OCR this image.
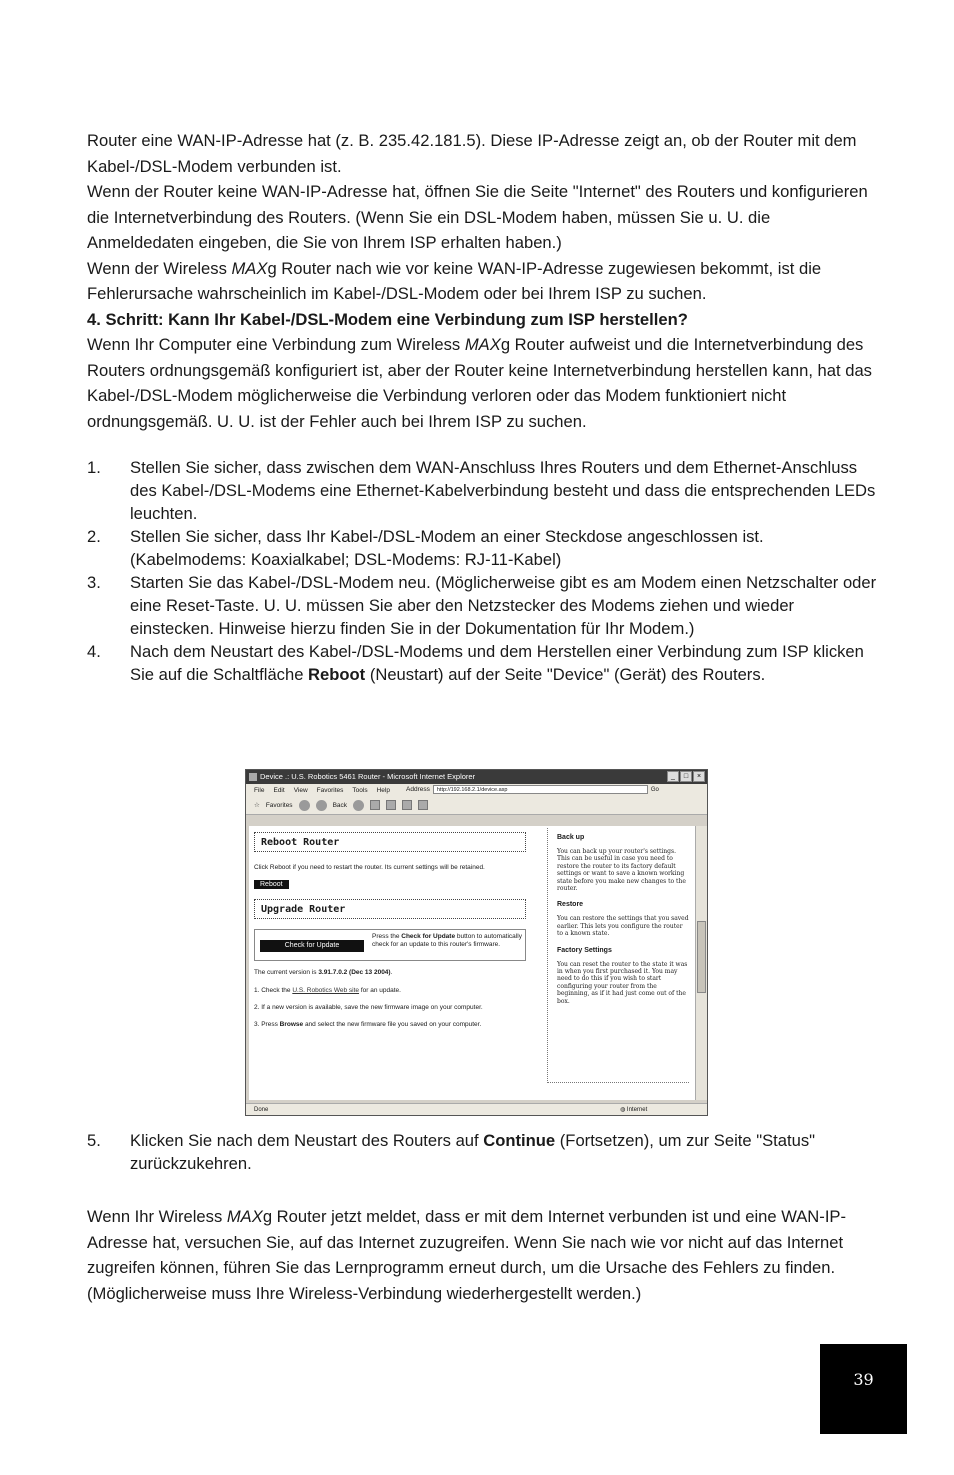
Router eine WAN-IP-Adresse hat (z. B. 235.42.181.5). Diese IP-Adresse zeigt an, ob der Router mit dem Kabel-/DSL-Modem verbunden ist.

Wenn der Router keine WAN-IP-Adresse hat, öffnen Sie die Seite "Internet" des Routers und konfigurieren die Internetverbindung des Routers. (Wenn Sie ein DSL-Modem haben, müssen Sie u. U. die Anmeldedaten eingeben, die Sie von Ihrem ISP erhalten haben.)

Wenn der Wireless MAXg Router nach wie vor keine WAN-IP-Adresse zugewiesen bekommt, ist die Fehlerursache wahrscheinlich im Kabel-/DSL-Modem oder bei Ihrem ISP zu suchen.

4. Schritt: Kann Ihr Kabel-/DSL-Modem eine Verbindung zum ISP herstellen?

Wenn Ihr Computer eine Verbindung zum Wireless MAXg Router aufweist und die Internetverbindung des Routers ordnungsgemäß konfiguriert ist, aber der Router keine Internetverbindung herstellen kann, hat das Kabel-/DSL-Modem möglicherweise die Verbindung verloren oder das Modem funktioniert nicht ordnungsgemäß. U. U. ist der Fehler auch bei Ihrem ISP zu suchen.

1. Stellen Sie sicher, dass zwischen dem WAN-Anschluss Ihres Routers und dem Ethernet-Anschluss des Kabel-/DSL-Modems eine Ethernet-Kabelverbindung besteht und dass die entsprechenden LEDs leuchten.
2. Stellen Sie sicher, dass Ihr Kabel-/DSL-Modem an einer Steckdose angeschlossen ist. (Kabelmodems: Koaxialkabel; DSL-Modems: RJ-11-Kabel)
3. Starten Sie das Kabel-/DSL-Modem neu. (Möglicherweise gibt es am Modem einen Netzschalter oder eine Reset-Taste. U. U. müssen Sie aber den Netzstecker des Modems ziehen und wieder einstecken. Hinweise hierzu finden Sie in der Dokumentation für Ihr Modem.)
4. Nach dem Neustart des Kabel-/DSL-Modems und dem Herstellen einer Verbindung zum ISP klicken Sie auf die Schaltfläche Reboot (Neustart) auf der Seite "Device" (Gerät) des Routers.
Device .: U.S. Robotics 5461 Router - Microsoft Internet Explorer	_	□	×
File Edit View Favorites Tools Help Address	http://192.168.2.1/device.asp	Go
☆ Favorites	Back
Reboot Router
Click Reboot if you need to restart the router. Its current settings will be retained.
Reboot
Upgrade Router
Check for Update
Press the Check for Update button to automatically check for an update to this router's firmware.
The current version is 3.91.7.0.2 (Dec 13 2004).
1. Check the U.S. Robotics Web site for an update.
2. If a new version is available, save the new firmware image on your computer.
3. Press Browse and select the new firmware file you saved on your computer.
Back up

You can back up your router's settings. This can be useful in case you need to restore the router to its factory default settings or want to save a known working state before you make new changes to the router.

Restore

You can restore the settings that you saved earlier. This lets you configure the router to a known state.

Factory Settings

You can reset the router to the state it was in when you first purchased it. You may need to do this if you wish to start configuring your router from the beginning, as if it had just come out of the box.

Done	◍ Internet
5. Klicken Sie nach dem Neustart des Routers auf Continue (Fortsetzen), um zur Seite "Status" zurückzukehren.
Wenn Ihr Wireless MAXg Router jetzt meldet, dass er mit dem Internet verbunden ist und eine WAN-IP-Adresse hat, versuchen Sie, auf das Internet zuzugreifen. Wenn Sie nach wie vor nicht auf das Internet zugreifen können, führen Sie das Lernprogramm erneut durch, um die Ursache des Fehlers zu finden. (Möglicherweise muss Ihre Wireless-Verbindung wiederhergestellt werden.)
39
